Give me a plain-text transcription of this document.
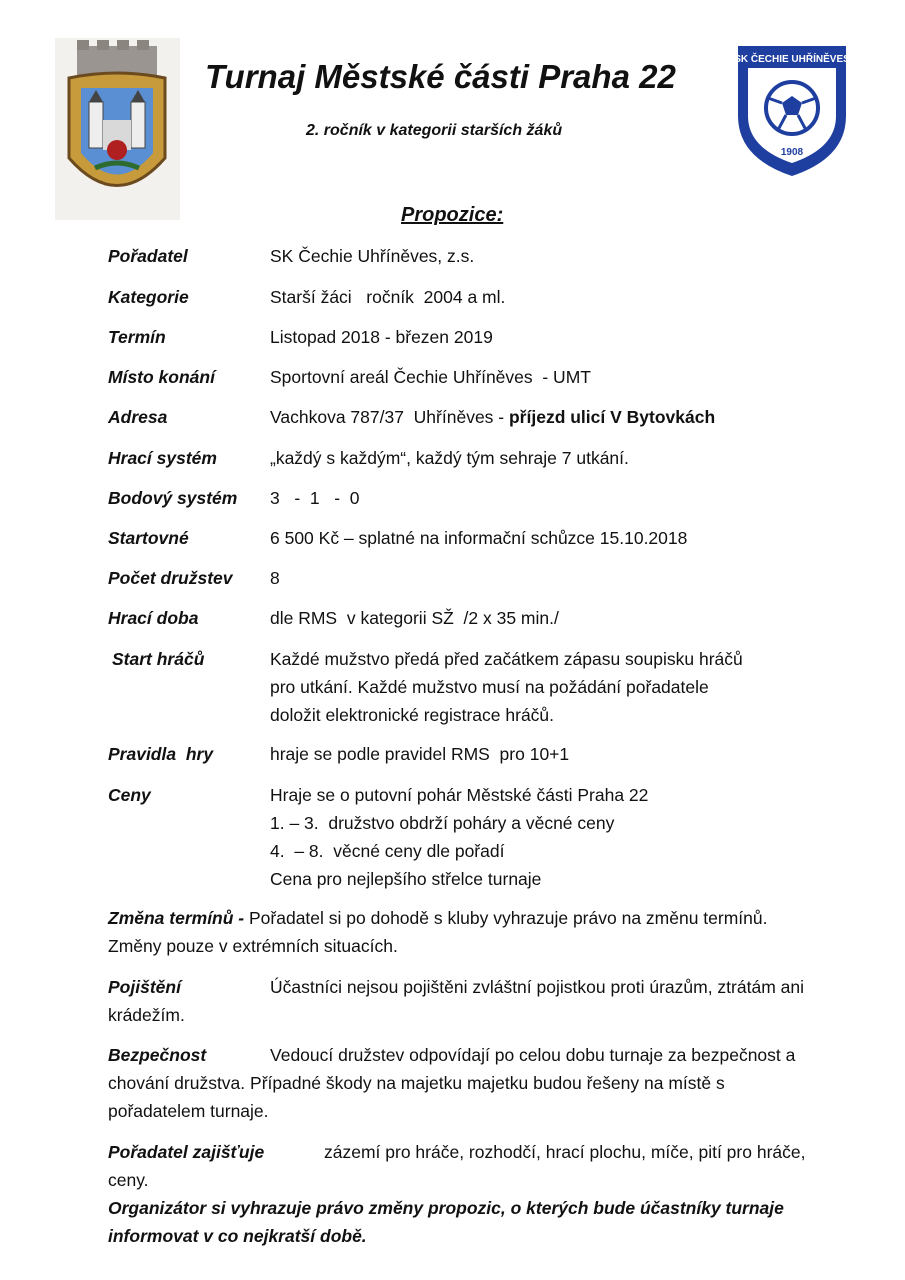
SK ČECHIE UHŘÍNĚVES
1908
Turnaj Městské části Praha 22
2. ročník v kategorii starších žáků
Propozice:
Pořadatel	SK Čechie Uhříněves, z.s.
Kategorie	Starší žáci   ročník  2004 a ml.
Termín	Listopad 2018 - březen 2019
Místo konání	Sportovní areál Čechie Uhříněves  - UMT
Adresa	Vachkova 787/37  Uhříněves - příjezd ulicí V Bytovkách
Hrací systém	„každý s každým“, každý tým sehraje 7 utkání.
Bodový systém 3   -  1   -  0
Startovné	6 500 Kč – splatné na informační schůzce 15.10.2018
Počet družstev 8
Hrací doba	dle RMS  v kategorii SŽ  /2 x 35 min./
Start hráčů	Každé mužstvo předá před začátkem zápasu soupisku hráčů
pro utkání. Každé mužstvo musí na požádání pořadatele
doložit elektronické registrace hráčů.
Pravidla  hry	hraje se podle pravidel RMS  pro 10+1
Ceny	Hraje se o putovní pohár Městské části Praha 22
1. – 3.  družstvo obdrží poháry a věcné ceny
4.  – 8.  věcné ceny dle pořadí
Cena pro nejlepšího střelce turnaje
Změna termínů - Pořadatel si po dohodě s kluby vyhrazuje právo na změnu termínů. Změny pouze v extrémních situacích.
Pojištění	Účastníci nejsou pojištěni zvláštní pojistkou proti úrazům, ztrátám ani krádežím.
Bezpečnost	Vedoucí družstev odpovídají po celou dobu turnaje za bezpečnost a chování družstva. Případné škody na majetku majetku budou řešeny na místě s pořadatelem turnaje.
Pořadatel zajišťuje	zázemí pro hráče, rozhodčí, hrací plochu, míče, pití pro hráče, ceny.
Organizátor si vyhrazuje právo změny propozic, o kterých bude účastníky turnaje informovat v co nejkratší době.
